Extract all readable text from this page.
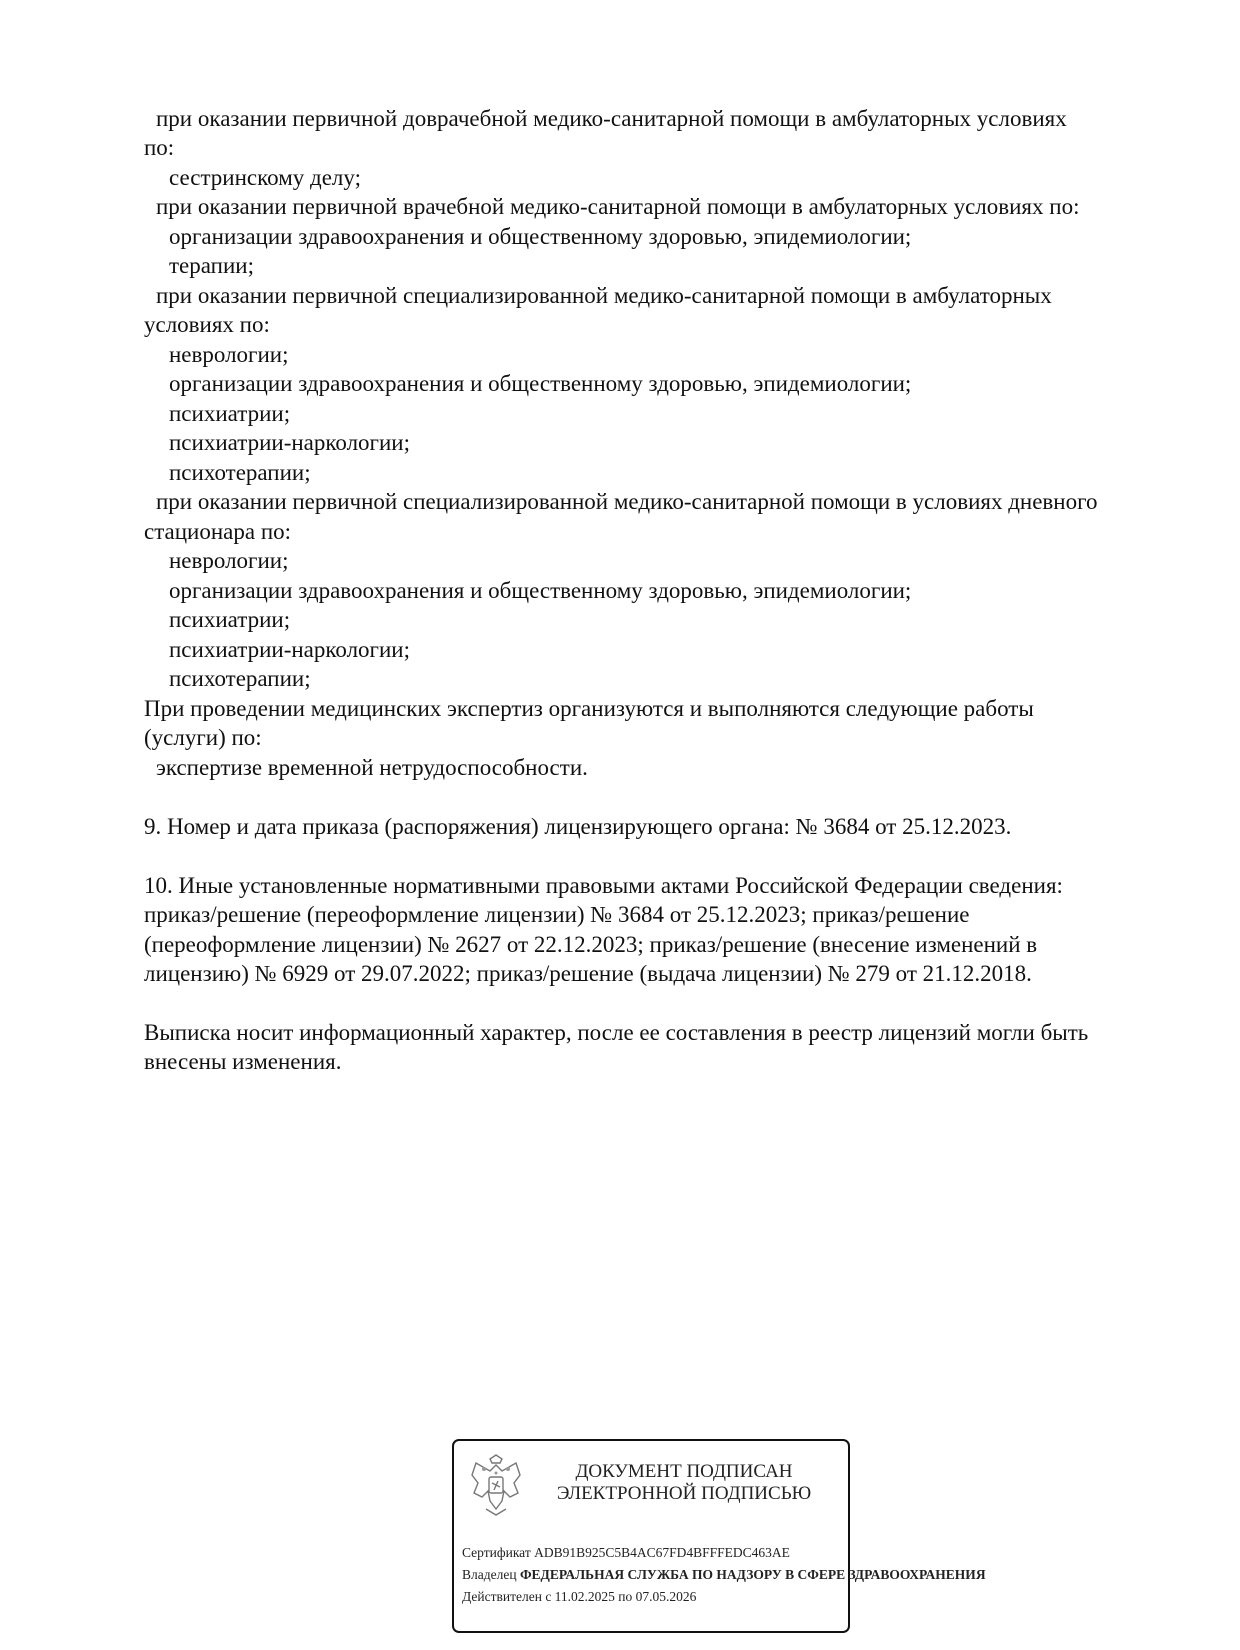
при оказании первичной доврачебной медико-санитарной помощи в амбулаторных условиях
по:
сестринскому делу;
при оказании первичной врачебной медико-санитарной помощи в амбулаторных условиях по:
организации здравоохранения и общественному здоровью, эпидемиологии;
терапии;
при оказании первичной специализированной медико-санитарной помощи в амбулаторных
условиях по:
неврологии;
организации здравоохранения и общественному здоровью, эпидемиологии;
психиатрии;
психиатрии-наркологии;
психотерапии;
при оказании первичной специализированной медико-санитарной помощи в условиях дневного
стационара по:
неврологии;
организации здравоохранения и общественному здоровью, эпидемиологии;
психиатрии;
психиатрии-наркологии;
психотерапии;
При проведении медицинских экспертиз организуются и выполняются следующие работы
(услуги) по:
экспертизе временной нетрудоспособности.
9. Номер и дата приказа (распоряжения) лицензирующего органа: № 3684 от 25.12.2023.
10. Иные установленные нормативными правовыми актами Российской Федерации сведения:
приказ/решение (переоформление лицензии) № 3684 от 25.12.2023; приказ/решение
(переоформление лицензии) № 2627 от 22.12.2023; приказ/решение (внесение изменений в
лицензию) № 6929 от 29.07.2022; приказ/решение (выдача лицензии) № 279 от 21.12.2018.
Выписка носит информационный характер, после ее составления в реестр лицензий могли быть
внесены изменения.
ДОКУМЕНТ ПОДПИСАН
ЭЛЕКТРОННОЙ ПОДПИСЬЮ
Сертификат ADB91B925C5B4AC67FD4BFFFEDC463AE
Владелец ФЕДЕРАЛЬНАЯ СЛУЖБА ПО НАДЗОРУ В СФЕРЕ ЗДРАВООХРАНЕНИЯ
Действителен с 11.02.2025 по 07.05.2026
